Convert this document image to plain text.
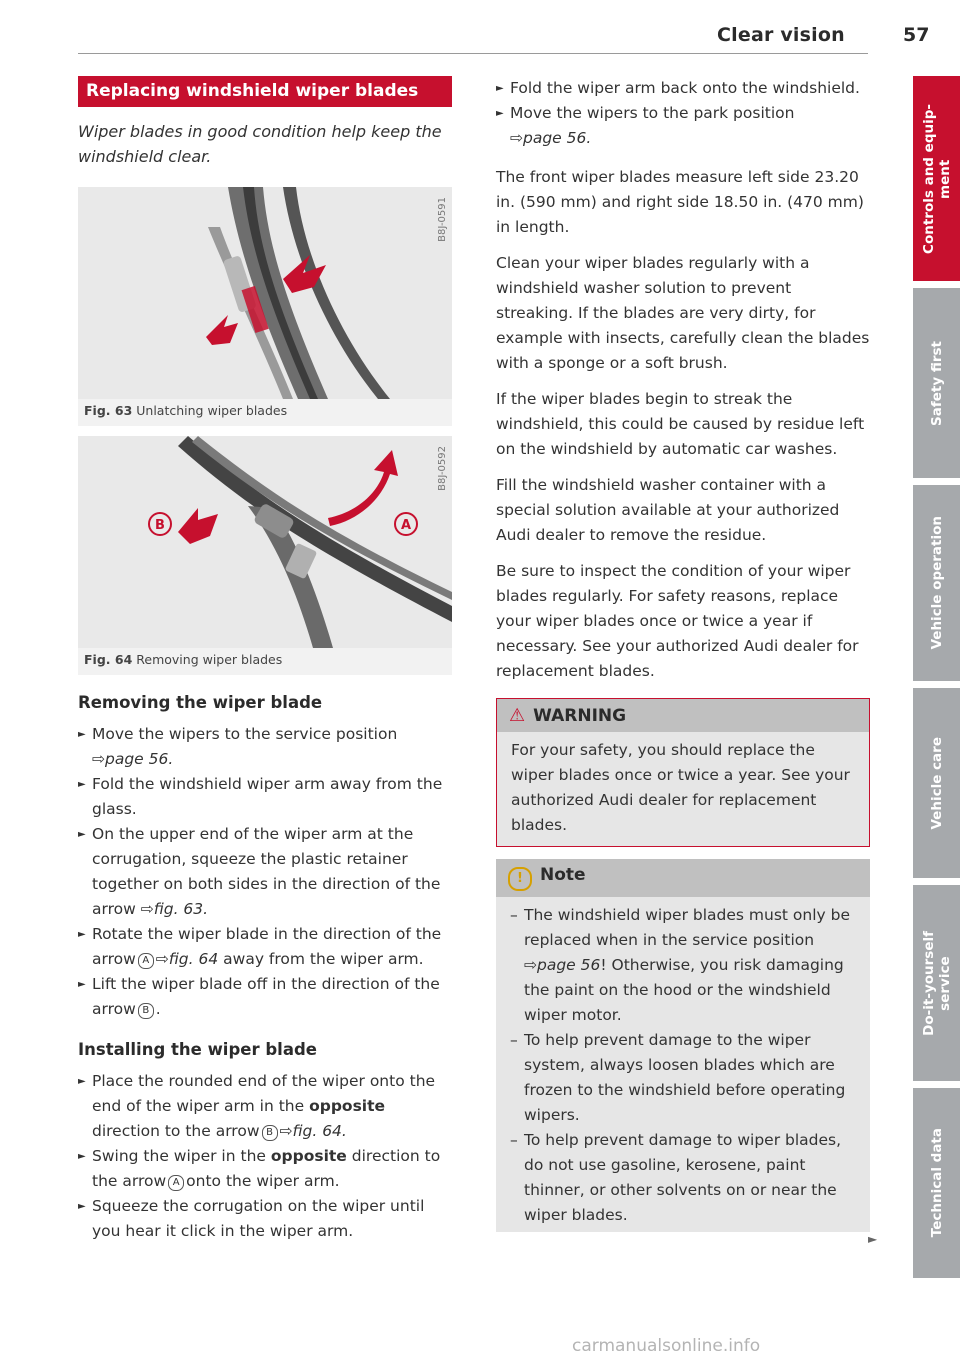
Clear vision	57
Replacing windshield wiper blades

Wiper blades in good condition help keep the windshield clear.

B8J-0591
Fig. 63 Unlatching wiper blades
B	A
B8J-0592
Fig. 64 Removing wiper blades
Removing the wiper blade
► Move the wipers to the service position
⇨page 56.
► Fold the windshield wiper arm away from the glass.
► On the upper end of the wiper arm at the corrugation, squeeze the plastic retainer together on both sides in the direction of the arrow ⇨fig. 63.
► Rotate the wiper blade in the direction of the arrow A ⇨fig. 64 away from the wiper arm.
► Lift the wiper blade off in the direction of the arrow B .
Installing the wiper blade
► Place the rounded end of the wiper onto the end of the wiper arm in the opposite direction to the arrow B ⇨fig. 64.
► Swing the wiper in the opposite direction to the arrow A onto the wiper arm.
► Squeeze the corrugation on the wiper until you hear it click in the wiper arm.
► Fold the wiper arm back onto the windshield.
► Move the wipers to the park position
⇨page 56.

The front wiper blades measure left side 23.20 in. (590 mm) and right side 18.50 in. (470 mm) in length.

Clean your wiper blades regularly with a windshield washer solution to prevent streaking. If the blades are very dirty, for example with insects, carefully clean the blades with a sponge or a soft brush.

If the wiper blades begin to streak the windshield, this could be caused by residue left on the windshield by automatic car washes.

Fill the windshield washer container with a special solution available at your authorized Audi dealer to remove the residue.

Be sure to inspect the condition of your wiper blades regularly. For safety reasons, replace your wiper blades once or twice a year if necessary. See your authorized Audi dealer for replacement blades.

⚠ WARNING
For your safety, you should replace the wiper blades once or twice a year. See your authorized Audi dealer for replacement blades.
! Note
– The windshield wiper blades must only be replaced when in the service position ⇨page 56! Otherwise, you risk damaging the paint on the hood or the windshield wiper motor.
– To help prevent damage to the wiper system, always loosen blades which are frozen to the windshield before operating wipers.
– To help prevent damage to wiper blades, do not use gasoline, kerosene, paint thinner, or other solvents on or near the wiper blades.
►
Controls and equip-
ment
Safety first
Vehicle operation
Vehicle care
Do-it-yourself
service
Technical data
carmanualsonline.info
